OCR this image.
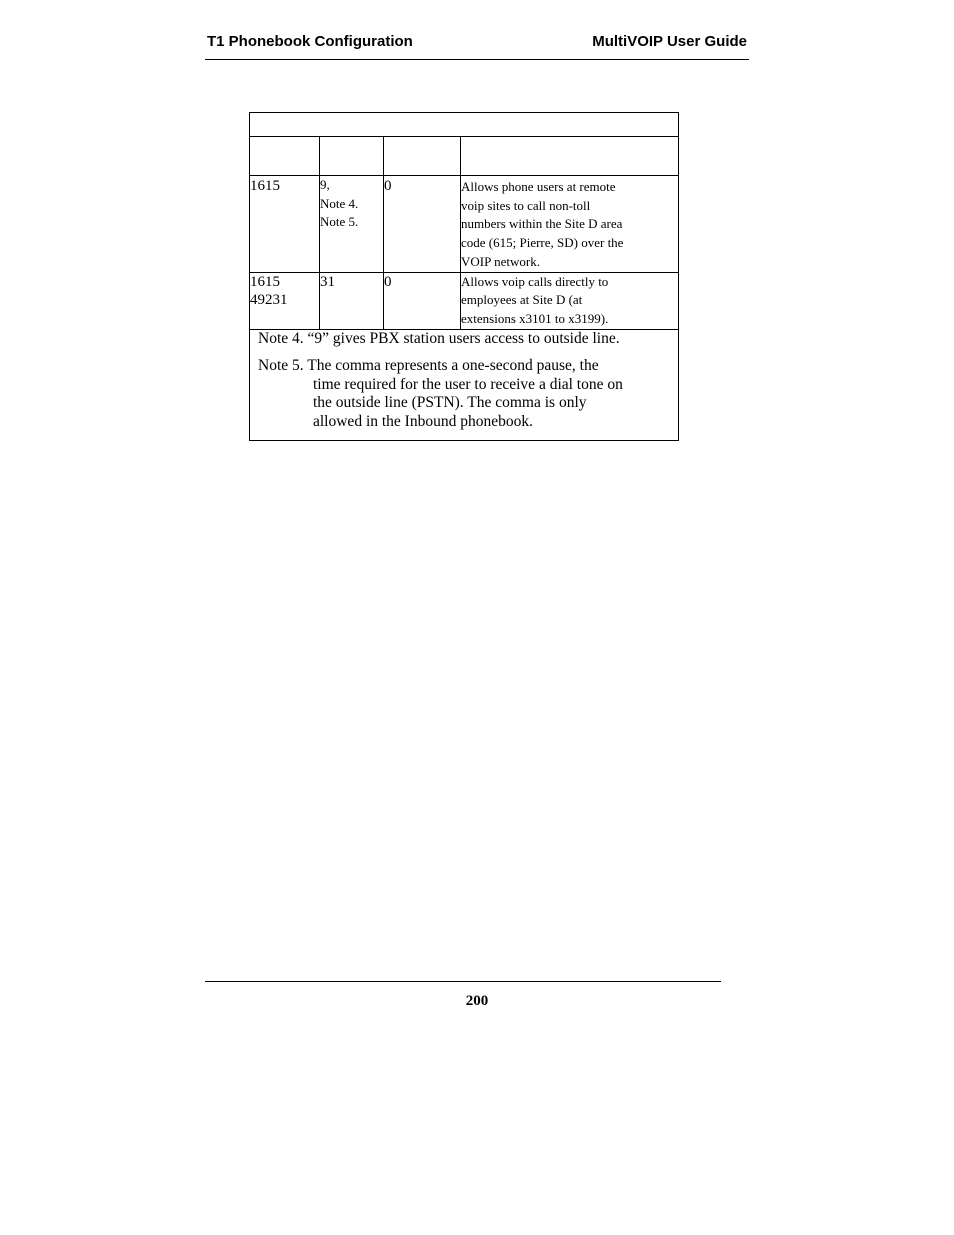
T1 Phonebook Configuration	MultiVOIP User Guide

1615	9,
Note 4.
Note 5.	0	Allows phone users at remote
voip sites to call non-toll
numbers within the Site D area
code (615; Pierre, SD) over the
VOIP network.

1615
49231	31	0	Allows voip calls directly to
employees at Site D (at
extensions x3101 to x3199).

Note 4. “9” gives PBX station users access to outside line.
Note 5. The comma represents a one-second pause, the
time required for the user to receive a dial tone on
the outside line (PSTN). The comma is only
allowed in the Inbound phonebook.			
200
